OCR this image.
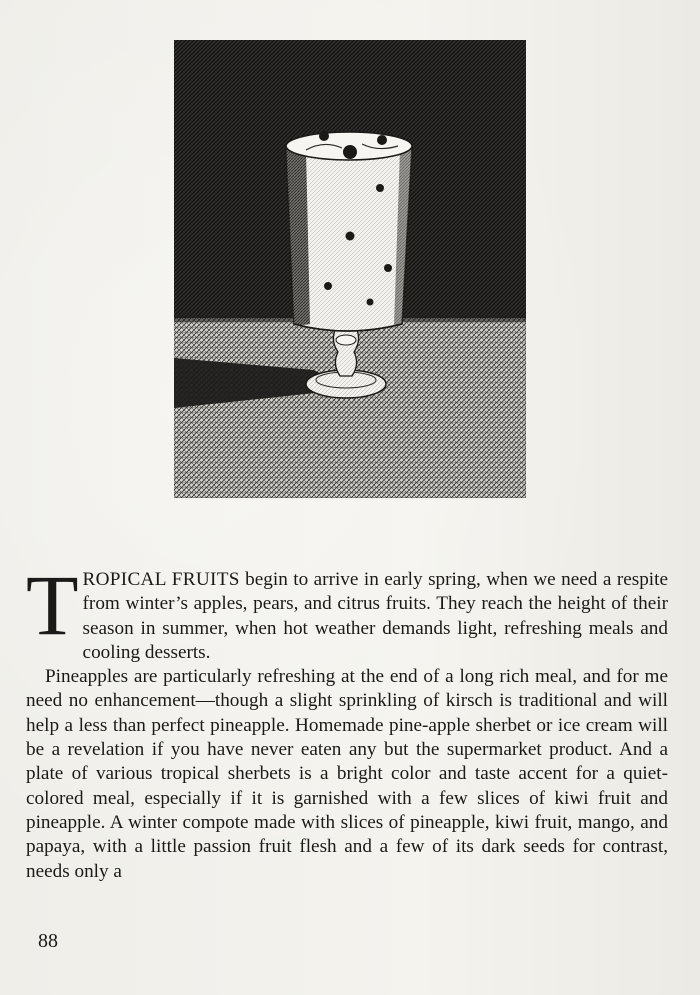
TROPICAL FRUITS begin to arrive in early spring, when we need a respite from winter’s apples, pears, and citrus fruits. They reach the height of their season in summer, when hot weather demands light, refreshing meals and cooling desserts.

Pineapples are particularly refreshing at the end of a long rich meal, and for me need no enhancement—though a slight sprinkling of kirsch is traditional and will help a less than perfect pineapple. Homemade pine-apple sherbet or ice cream will be a revelation if you have never eaten any but the supermarket product. And a plate of various tropical sherbets is a bright color and taste accent for a quiet-colored meal, especially if it is garnished with a few slices of kiwi fruit and pineapple. A winter compote made with slices of pineapple, kiwi fruit, mango, and papaya, with a little passion fruit flesh and a few of its dark seeds for contrast, needs only a

88
